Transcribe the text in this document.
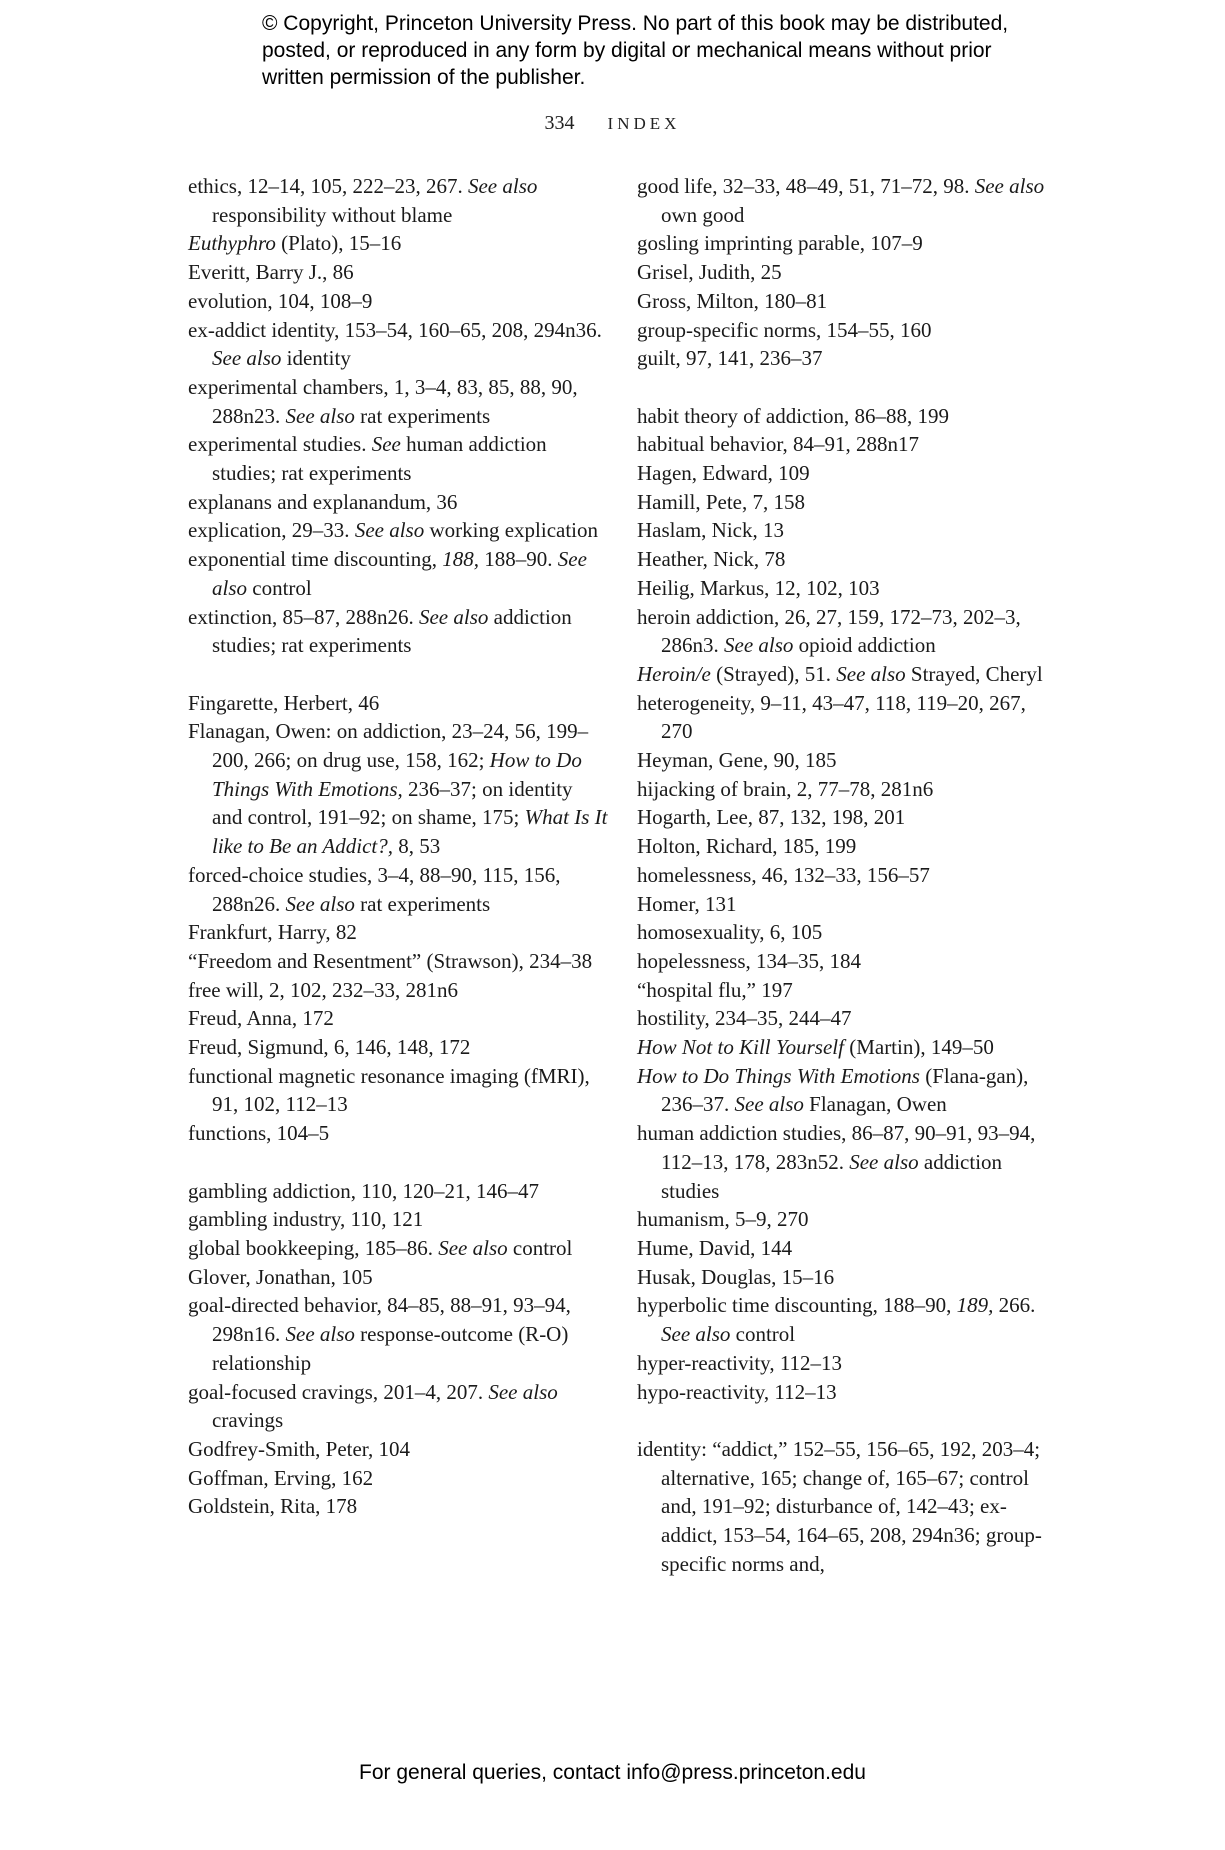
© Copyright, Princeton University Press. No part of this book may be distributed, posted, or reproduced in any form by digital or mechanical means without prior written permission of the publisher.
334 INDEX
ethics, 12–14, 105, 222–23, 267. See also responsibility without blame
Euthyphro (Plato), 15–16
Everitt, Barry J., 86
evolution, 104, 108–9
ex-addict identity, 153–54, 160–65, 208, 294n36. See also identity
experimental chambers, 1, 3–4, 83, 85, 88, 90, 288n23. See also rat experiments
experimental studies. See human addiction studies; rat experiments
explanans and explanandum, 36
explication, 29–33. See also working explication
exponential time discounting, 188, 188–90. See also control
extinction, 85–87, 288n26. See also addiction studies; rat experiments
Fingarette, Herbert, 46
Flanagan, Owen: on addiction, 23–24, 56, 199–200, 266; on drug use, 158, 162; How to Do Things With Emotions, 236–37; on identity and control, 191–92; on shame, 175; What Is It like to Be an Addict?, 8, 53
forced-choice studies, 3–4, 88–90, 115, 156, 288n26. See also rat experiments
Frankfurt, Harry, 82
“Freedom and Resentment” (Strawson), 234–38
free will, 2, 102, 232–33, 281n6
Freud, Anna, 172
Freud, Sigmund, 6, 146, 148, 172
functional magnetic resonance imaging (fMRI), 91, 102, 112–13
functions, 104–5
gambling addiction, 110, 120–21, 146–47
gambling industry, 110, 121
global bookkeeping, 185–86. See also control
Glover, Jonathan, 105
goal-directed behavior, 84–85, 88–91, 93–94, 298n16. See also response-outcome (R-O) relationship
goal-focused cravings, 201–4, 207. See also cravings
Godfrey-Smith, Peter, 104
Goffman, Erving, 162
Goldstein, Rita, 178
good life, 32–33, 48–49, 51, 71–72, 98. See also own good
gosling imprinting parable, 107–9
Grisel, Judith, 25
Gross, Milton, 180–81
group-specific norms, 154–55, 160
guilt, 97, 141, 236–37
habit theory of addiction, 86–88, 199
habitual behavior, 84–91, 288n17
Hagen, Edward, 109
Hamill, Pete, 7, 158
Haslam, Nick, 13
Heather, Nick, 78
Heilig, Markus, 12, 102, 103
heroin addiction, 26, 27, 159, 172–73, 202–3, 286n3. See also opioid addiction
Heroin/e (Strayed), 51. See also Strayed, Cheryl
heterogeneity, 9–11, 43–47, 118, 119–20, 267, 270
Heyman, Gene, 90, 185
hijacking of brain, 2, 77–78, 281n6
Hogarth, Lee, 87, 132, 198, 201
Holton, Richard, 185, 199
homelessness, 46, 132–33, 156–57
Homer, 131
homosexuality, 6, 105
hopelessness, 134–35, 184
“hospital flu,” 197
hostility, 234–35, 244–47
How Not to Kill Yourself (Martin), 149–50
How to Do Things With Emotions (Flana-gan), 236–37. See also Flanagan, Owen
human addiction studies, 86–87, 90–91, 93–94, 112–13, 178, 283n52. See also addiction studies
humanism, 5–9, 270
Hume, David, 144
Husak, Douglas, 15–16
hyperbolic time discounting, 188–90, 189, 266. See also control
hyper-reactivity, 112–13
hypo-reactivity, 112–13
identity: “addict,” 152–55, 156–65, 192, 203–4; alternative, 165; change of, 165–67; control and, 191–92; disturbance of, 142–43; ex-addict, 153–54, 164–65, 208, 294n36; group-specific norms and,
For general queries, contact info@press.princeton.edu
